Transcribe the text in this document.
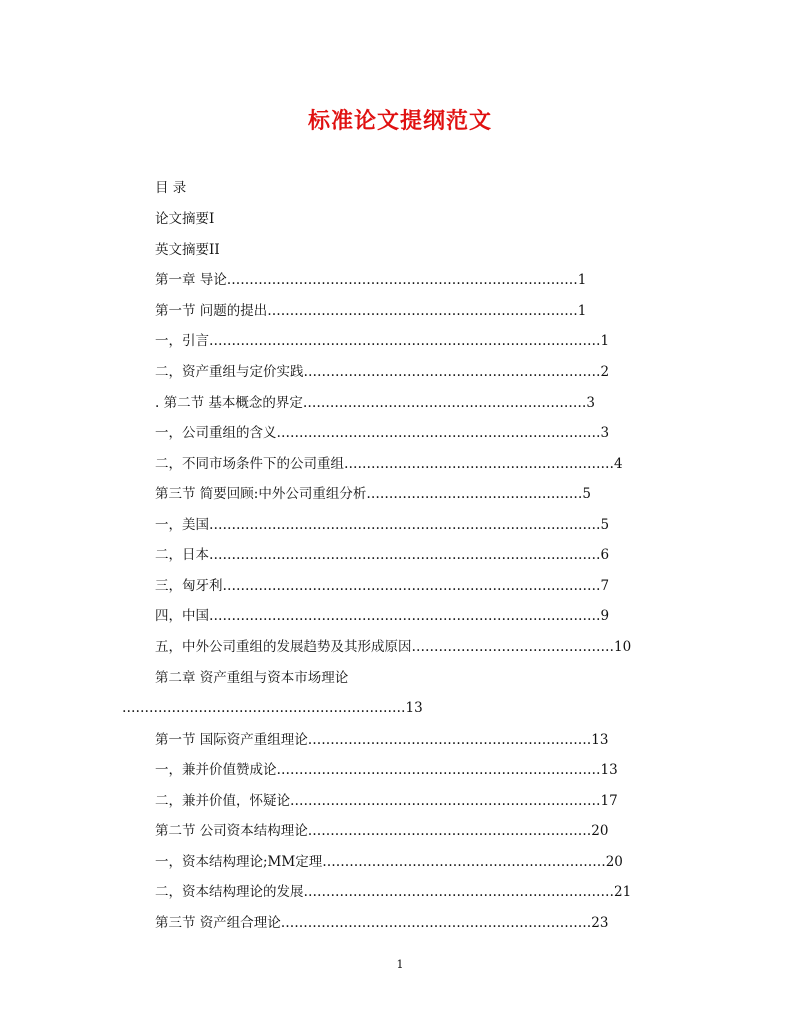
标准论文提纲范文
目 录
论文摘要I
英文摘要II
第一章 导论……………………………………………………………………1
第一节 问题的提出……………………………………………………………1
一，引言……………………………………………………………………………1
二，资产重组与定价实践…………………………………………………………2
. 第二节 基本概念的界定………………………………………………………3
一，公司重组的含义………………………………………………………………3
二，不同市场条件下的公司重组……………………………………………………4
第三节 简要回顾:中外公司重组分析…………………………………………5
一，美国……………………………………………………………………………5
二，日本……………………………………………………………………………6
三，匈牙利…………………………………………………………………………7
四，中国……………………………………………………………………………9
五，中外公司重组的发展趋势及其形成原因………………………………………10
第二章 资产重组与资本市场理论
………………………………………………………13
第一节 国际资产重组理论………………………………………………………13
一，兼并价值赞成论………………………………………………………………13
二，兼并价值，怀疑论……………………………………………………………17
第二节 公司资本结构理论………………………………………………………20
一，资本结构理论;MM定理………………………………………………………20
二，资本结构理论的发展……………………………………………………………21
第三节 资产组合理论……………………………………………………………23
1
